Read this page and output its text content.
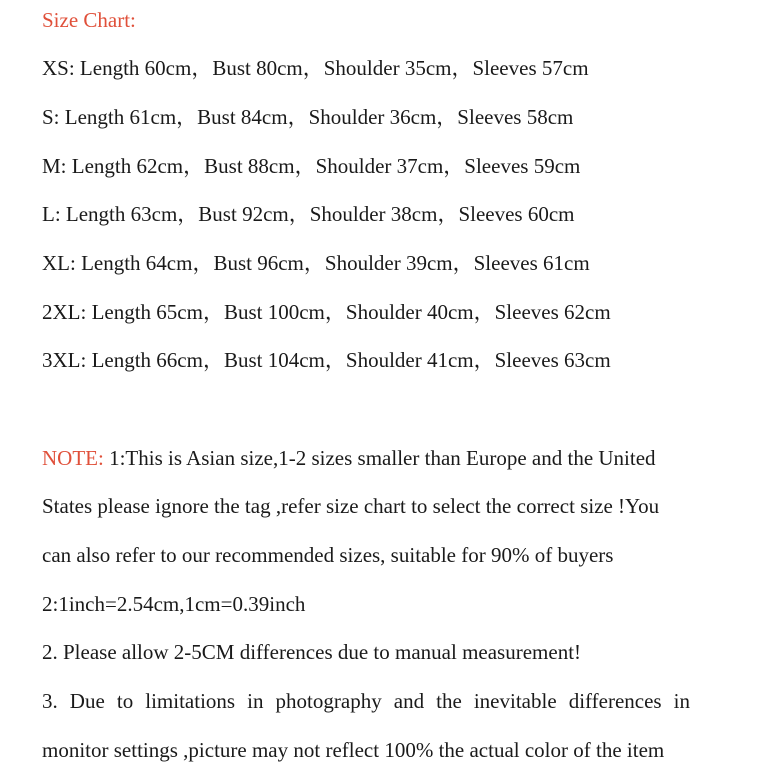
Size Chart:
XS: Length 60cm，Bust 80cm，Shoulder 35cm，Sleeves 57cm
S: Length 61cm，Bust 84cm，Shoulder 36cm，Sleeves 58cm
M: Length 62cm，Bust 88cm，Shoulder 37cm，Sleeves 59cm
L: Length 63cm，Bust 92cm，Shoulder 38cm，Sleeves 60cm
XL: Length 64cm，Bust 96cm，Shoulder 39cm，Sleeves 61cm
2XL: Length 65cm，Bust 100cm，Shoulder 40cm，Sleeves 62cm
3XL: Length 66cm，Bust 104cm，Shoulder 41cm，Sleeves 63cm
NOTE: 1:This is Asian size,1-2 sizes smaller than Europe and the United
States please ignore the tag ,refer size chart to select the correct size !You
can also refer to our recommended sizes, suitable for 90% of buyers
2:1inch=2.54cm,1cm=0.39inch
2. Please allow 2-5CM differences due to manual measurement!
3. Due to limitations in photography and the inevitable differences in
monitor settings ,picture may not reflect 100% the actual color of the item
